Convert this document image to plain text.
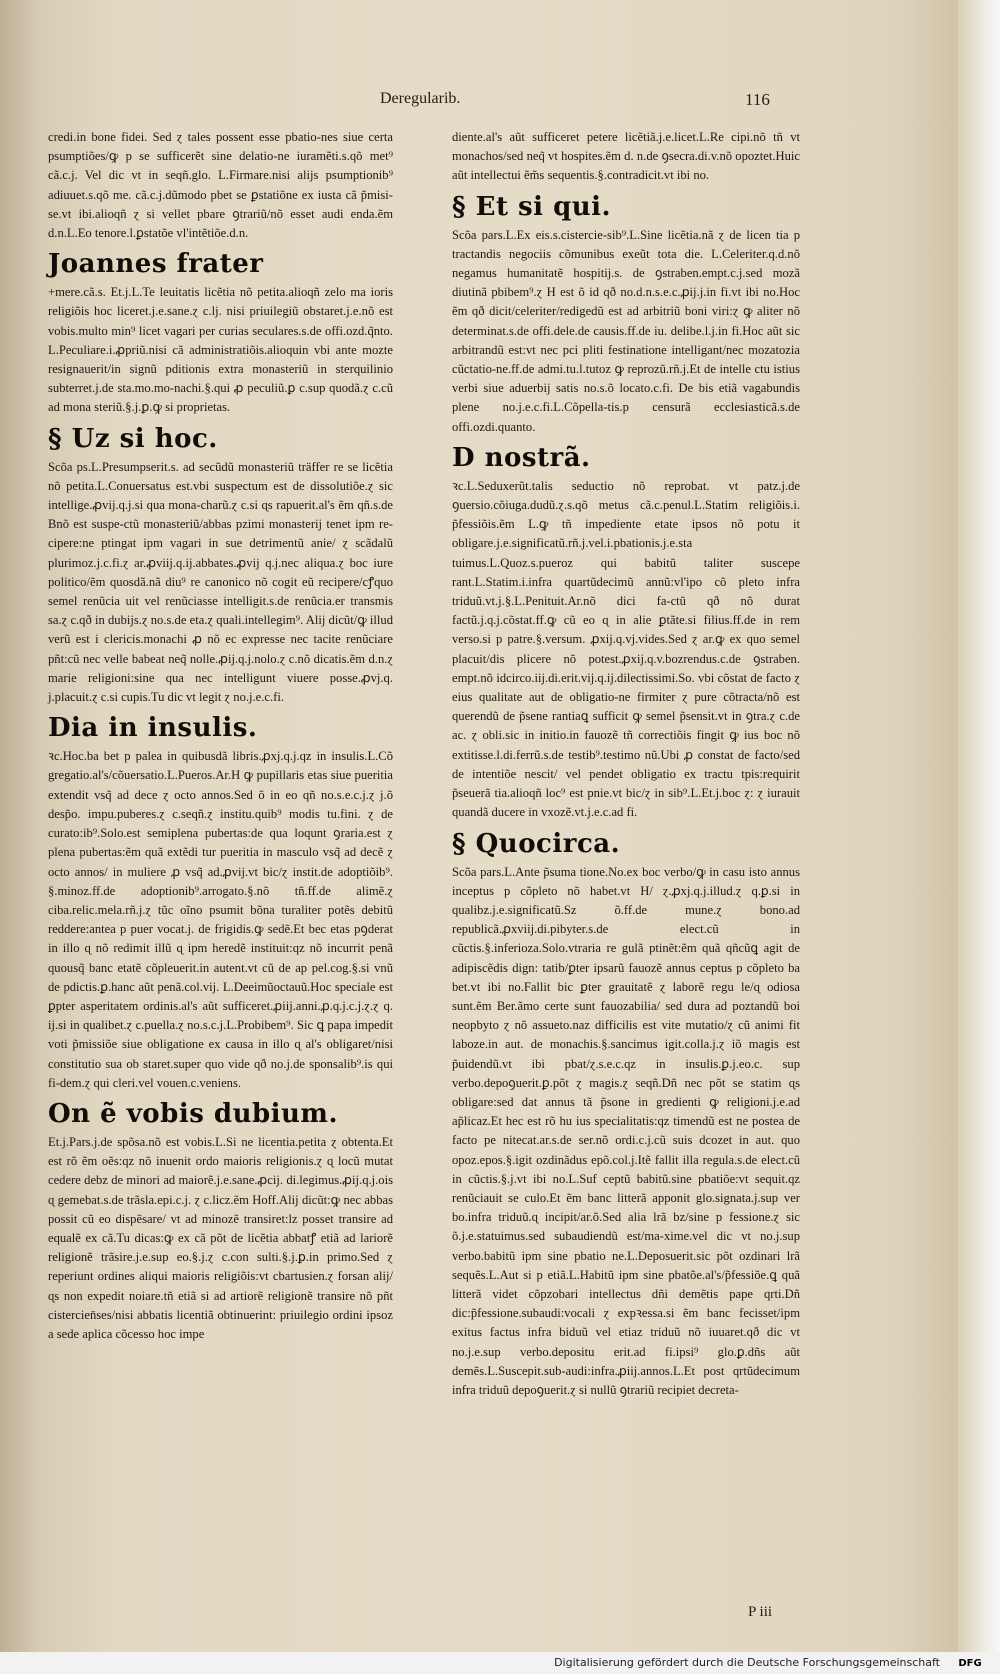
Deregularib.	116

credi.in bone fidei. Sed ɀ tales possent esse pbatio-nes siue certa psumptiões/ꝙ p se sufficerẽt sine delatio-ne iuramẽti.s.qõ met⁹ cã.c.j. Vel dic vt in seqñ.glo. L.Firmare.nisi alijs psumptionib⁹ adiuuet.s.qõ me. cã.c.j.dũmodo pbet se ꝑstatiõne ex iusta cã p̃misi-se.vt ibi.alioqñ ɀ si vellet pbare ꝯtrariũ/nõ esset audi enda.ẽm d.n.L.Eo tenore.l.ꝑstatõe vl'intẽtiõe.d.n.

Joannes frater

+mere.cã.s. Et.j.L.Te leuitatis licẽtia nõ petita.alioqñ zelo ma ioris religiõis hoc liceret.j.e.sane.ɀ c.lj. nisi priuilegiũ obstaret.j.e.nõ est vobis.multo min⁹ licet vagari per curias seculares.s.de offi.ozd.q̃nto. L.Peculiare.i.ꝓpriũ.nisi cã administratiõis.alioquin vbi ante mozte resignauerit/in signũ pditionis extra monasteriũ in sterquilinio subterret.j.de sta.mo.mo-nachi.§.qui ꝓ peculiũ.ꝑ c.sup quodã.ɀ c.cũ ad mona steriũ.§.j.ꝑ.ꝙ si proprietas.

§ Uz si hoc.

Scõa ps.L.Presumpserit.s. ad secũdũ monasteriũ träffer re se licẽtia nõ petita.L.Conuersatus est.vbi suspectum est de dissolutiõe.ɀ sic intellige.ꝓvij.q.j.si qua mona-charũ.ɀ c.si ɋs rapuerit.al's ẽm qñ.s.de Bnõ est suspe-ctũ monasteriũ/abbas pzimi monasterij tenet ipm re-cipere:ne ptingat ipm vagari in sue detrimentũ anie/ ɀ scãdalũ plurimoz.j.c.fi.ɀ ar.ꝓviij.q.ij.abbates.ꝓvij q.j.nec aliqua.ɀ boc iure politico/ẽm quosdã.nã diu⁹ re canonico nõ cogit eũ recipere/cꝭquo semel renũcia uit vel renũciasse intelligit.s.de renũcia.er transmis sa.ɀ c.qð in dubijs.ɀ no.s.de eta.ɀ quali.intellegim⁹. Alij dicũt/ꝙ illud verũ est i clericis.monachi ꝓ nõ ec expresse nec tacite renũciare pñt:cũ nec velle babeat neq̃ nolle.ꝓij.q.j.nolo.ɀ c.nõ dicatis.ẽm d.n.ɀ marie religioni:sine qua nec intelligunt viuere posse.ꝓvj.q. j.placuit.ɀ c.si cupis.Tu dic vt legit ɀ no.j.e.c.fi.

Dia in insulis.

ꝛc.Hoc.ba bet p palea in quibusdã libris.ꝓxj.q.j.qz in insulis.L.Cõ gregatio.al's/cõuersatio.L.Pueros.Ar.H ꝙ pupillaris etas siue pueritia extendit vsq̃ ad dece ɀ octo annos.Sed õ in eo qñ no.s.e.c.j.ɀ j.õ desp̃o. impu.puberes.ɀ c.seqñ.ɀ institu.quib⁹ modis tu.fini. ɀ de curato:ib⁹.Solo.est semiplena pubertas:de qua loqunt ꝯraria.est ɀ plena pubertas:ẽm quã extẽdi tur pueritia in masculo vsq̃ ad decẽ ɀ octo annos/ in muliere ꝓ vsq̃ ad.ꝓvij.vt bic/ɀ instit.de adoptiõib⁹. §.minoz.ff.de adoptionib⁹.arrogato.§.nõ tñ.ff.de alimẽ.ɀ ciba.relic.mela.rñ.j.ɀ tũc oĩno psumit bõna turaliter potẽs debitũ reddere:antea p puer vocat.j. de frigidis.ꝙ sedẽ.Et bec etas pꝯderat in illo ɋ nõ redimit illũ ɋ ipm heredẽ instituit:qz nõ incurrit penã quousq̃ banc etatẽ cõpleuerit.in autent.vt cũ de ap pel.cog.§.si vnũ de pdictis.ꝑ.hanc aũt penã.col.vij. L.Deeimũoctauũ.Hoc speciale est ꝑpter asperitatem ordinis.al's aũt sufficeret.ꝓiij.anni.ꝓ.q.j.c.j.ɀ.ɀ q. ij.si in qualibet.ɀ c.puella.ɀ no.s.c.j.L.Probibem⁹. Sic ꝗ papa impedit voti p̃missiõe siue obligatione ex causa in illo ɋ al's obligaret/nisi constitutio sua ob staret.super quo vide qð no.j.de sponsalib⁹.is qui fi-dem.ɀ qui cleri.vel vouen.c.veniens.

On ẽ vobis dubium.

Et.j.Pars.j.de spõsa.nõ est vobis.L.Si ne licentia.petita ɀ obtenta.Et est rõ ẽm oẽs:qz nõ inuenit ordo maioris religionis.ɀ ɋ locũ mutat cedere debz de minori ad maiorẽ.j.e.sane.ꝓcij. di.legimus.ꝓij.q.j.ois ɋ gemebat.s.de trãsla.epi.c.j. ɀ c.licz.ẽm Hoff.Alij dicũt:ꝙ nec abbas possit cũ eo dispẽsare/ vt ad minozẽ transiret:lz posset transire ad equalẽ ex cã.Tu dicas:ꝙ ex cã põt de licẽtia abbatꝭ etiã ad lariorẽ religionẽ trãsire.j.e.sup eo.§.j.ɀ c.con sulti.§.j.ꝑ.in primo.Sed ɀ reperiunt ordines aliqui maioris religiõis:vt cbartusien.ɀ forsan alij/ɋs non expedit noiare.tñ etiã si ad artiorẽ religionẽ transire nõ pñt cistercien̄ses/nisi abbatis licentiã obtinuerint: priuilegio ordini ipsoz a sede aplica cõcesso hoc impe

diente.al's aũt sufficeret petere licẽtiã.j.e.licet.L.Re cipi.nõ tñ vt monachos/sed neq̃ vt hospites.ẽm d. n.de ꝯsecra.di.v.nõ opoztet.Huic aũt intellectui ẽm̃s sequentis.§.contradicit.vt ibi no.

§ Et si qui.

Scõa pars.L.Ex eis.s.cistercie-sib⁹.L.Sine licẽtia.nã ɀ de licen tia p tractandis negociis cõmunibus exeũt tota die. L.Celeriter.q.d.nõ negamus humanitatẽ hospitij.s. de ꝯstraben.empt.c.j.sed mozã diutinã pbibem⁹.ɀ H est õ id qð no.d.n.s.e.c.ꝓij.j.in fi.vt ibi no.Hoc ẽm qð dicit/celeriter/redigedũ est ad arbitriũ boni viri:ɀ ꝙ aliter nõ determinat.s.de offi.dele.de causis.ff.de iu. delibe.l.j.in fi.Hoc aũt sic arbitrandũ est:vt nec pci pliti festinatione intelligant/nec mozatozia cũctatio-ne.ff.de admi.tu.l.tutoz ꝙ reprozũ.rñ.j.Et de intelle ctu istius verbi siue aduerbij satis no.s.õ locato.c.fi. De bis etiã vagabundis plene no.j.e.c.fi.L.Cõpella-tis.p censurã ecclesiasticã.s.de offi.ozdi.quanto.

D nostrã.

ꝛc.L.Seduxerũt.talis seductio nõ reprobat. vt patz.j.de ꝯuersio.cõiuga.dudũ.ɀ.s.qõ metus cã.c.penul.L.Statim religiõis.i. p̃fessiõis.ẽm L.ꝙ tñ impediente etate ipsos nõ potu it obligare.j.e.significatũ.rñ.j.vel.i.pbationis.j.e.sta tuimus.L.Quoz.s.pueroz qui babitũ taliter suscepe rant.L.Statim.i.infra quartũdecimũ annũ:vl'ipo cõ pleto infra triduũ.vt.j.§.L.Penituit.Ar.nõ dici fa-ctũ qð nõ durat factũ.j.q.j.cõstat.ff.ꝙ cũ eo ɋ in alie ꝑtãte.si filius.ff.de in rem verso.si p patre.§.versum. ꝓxij.q.vj.vides.Sed ɀ ar.ꝙ ex quo semel placuit/dis plicere nõ potest.ꝓxij.q.v.bozrendus.c.de ꝯstraben. empt.nõ idcirco.iij.di.erit.vij.q.ij.dilectissimi.So. vbi cõstat de facto ɀ eius qualitate aut de obligatio-ne firmiter ɀ pure cõtracta/nõ est querendũ de p̃sene rantiaꝗ sufficit ꝙ semel p̃sensit.vt in ꝯtra.ɀ c.de ac. ɀ obli.sic in initio.in fauozẽ tñ correctiõis fingit ꝙ ius boc nõ extitisse.l.di.ferrũ.s.de testib⁹.testimo nũ.Ubi ꝓ constat de facto/sed de intentiõe nescit/ vel pendet obligatio ex tractu tpis:requirit p̃seuerã tia.alioqñ loc⁹ est pnie.vt bic/ɀ in sib⁹.L.Et.j.boc ɀ: ɀ iurauit quandã ducere in vxozẽ.vt.j.e.c.ad fi.

§ Quocirca.

Scõa pars.L.Ante p̃suma tione.No.ex boc verbo/ꝙ in casu isto annus inceptus p cõpleto nõ habet.vt H/ ɀ.ꝓxj.q.j.illud.ɀ q.ꝑ.si in qualibz.j.e.significatũ.Sz õ.ff.de mune.ɀ bono.ad republicã.ꝓxviij.di.pibyter.s.de elect.cũ in cũctis.§.inferioza.Solo.vtraria re gulã ptinẽt:ẽm quã qñcũꝗ agit de adipiscẽdis dign: tatib/ꝑter ipsarũ fauozẽ annus ceptus p cõpleto ba bet.vt ibi no.Fallit bic ꝑter grauitatẽ ɀ laborẽ regu le/ɋ odiosa sunt.ẽm Ber.ãmo certe sunt fauozabilia/ sed dura ad poztandũ boi neopbyto ɀ nõ assueto.naz difficilis est vite mutatio/ɀ cũ animi fit laboze.in aut. de monachis.§.sancimus igit.colla.j.ɀ iõ magis est p̃uidendũ.vt ibi pbat/ɀ.s.e.c.qz in insulis.ꝑ.j.eo.c. sup verbo.depoꝯuerit.ꝑ.põt ɀ magis.ɀ seqñ.Dñ nec põt se statim ɋs obligare:sed dat annus tã p̃sone in gredienti ꝙ religioni.j.e.ad ap̃licaz.Et hec est rõ hu ius specialitatis:qz timendũ est ne postea de facto pe nitecat.ar.s.de ser.nõ ordi.c.j.cũ suis dcozet in aut. quo opoz.epos.§.igit ozdinãdus epõ.col.j.Itẽ fallit illa regula.s.de elect.cũ in cũctis.§.j.vt ibi no.L.Suf ceptũ babitũ.sine pbatiõe:vt sequit.qz renũciauit se culo.Et ẽm banc litterã apponit glo.signata.j.sup ver bo.infra triduũ.ɋ incipit/ar.õ.Sed alia lrã bz/sine p fessione.ɀ sic õ.j.e.statuimus.sed subaudiendũ est/ma-xime.vel dic vt no.j.sup verbo.babitũ ipm sine pbatio ne.L.Deposuerit.sic põt ozdinari lrã sequẽs.L.Aut si p etiã.L.Habitũ ipm sine pbatõe.al's/p̃fessiõe.ꝗ quã litterã videt cõpzobari intellectus dñi demẽtis pape qrti.Dñ dic:p̃fessione.subaudi:vocali ɀ expꝛessa.si ẽm banc fecisset/ipm exitus factus infra biduũ vel etiaz triduũ nõ iuuaret.qð dic vt no.j.e.sup verbo.depositu erit.ad fi.ipsi⁹ glo.ꝑ.dñs aũt demẽs.L.Suscepit.sub-audi:infra.ꝓiij.annos.L.Et post qrtũdecimum infra triduũ depoꝯuerit.ɀ si nullũ ꝯtrariũ recipiet decreta-

P iii
Digitalisierung gefördert durch die Deutsche Forschungsgemeinschaft	DFG
